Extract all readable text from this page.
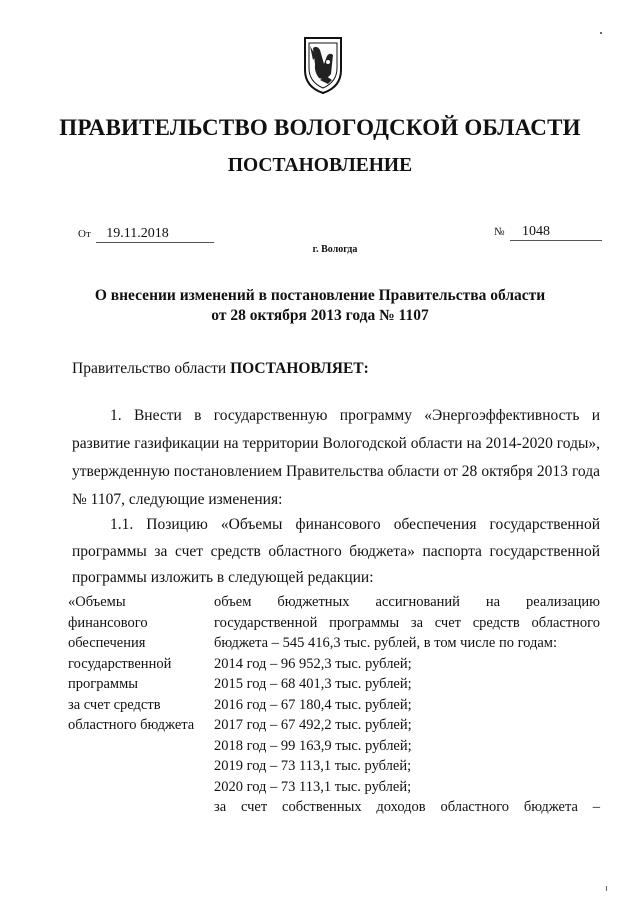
ПРАВИТЕЛЬСТВО ВОЛОГОДСКОЙ ОБЛАСТИ
ПОСТАНОВЛЕНИЕ
От 19.11.2018	№ 1048
г. Вологда
О внесении изменений в постановление Правительства области
от 28 октября 2013 года № 1107
Правительство области ПОСТАНОВЛЯЕТ:
1. Внести в государственную программу «Энергоэффективность и
развитие газификации на территории Вологодской области на 2014-2020 годы»,
утвержденную постановлением Правительства области от 28 октября 2013 года
№ 1107, следующие изменения:
1.1. Позицию «Объемы финансового обеспечения государственной
программы за счет средств областного бюджета» паспорта государственной
программы изложить в следующей редакции:
«Объемы
финансового
обеспечения
государственной
программы
за счет средств
областного бюджета

объем бюджетных ассигнований на реализацию
государственной программы за счет средств областного
бюджета – 545 416,3 тыс. рублей, в том числе по годам:
2014 год – 96 952,3 тыс. рублей;
2015 год – 68 401,3 тыс. рублей;
2016 год – 67 180,4 тыс. рублей;
2017 год – 67 492,2 тыс. рублей;
2018 год – 99 163,9 тыс. рублей;
2019 год – 73 113,1 тыс. рублей;
2020 год – 73 113,1 тыс. рублей;
за счет собственных доходов областного бюджета –
